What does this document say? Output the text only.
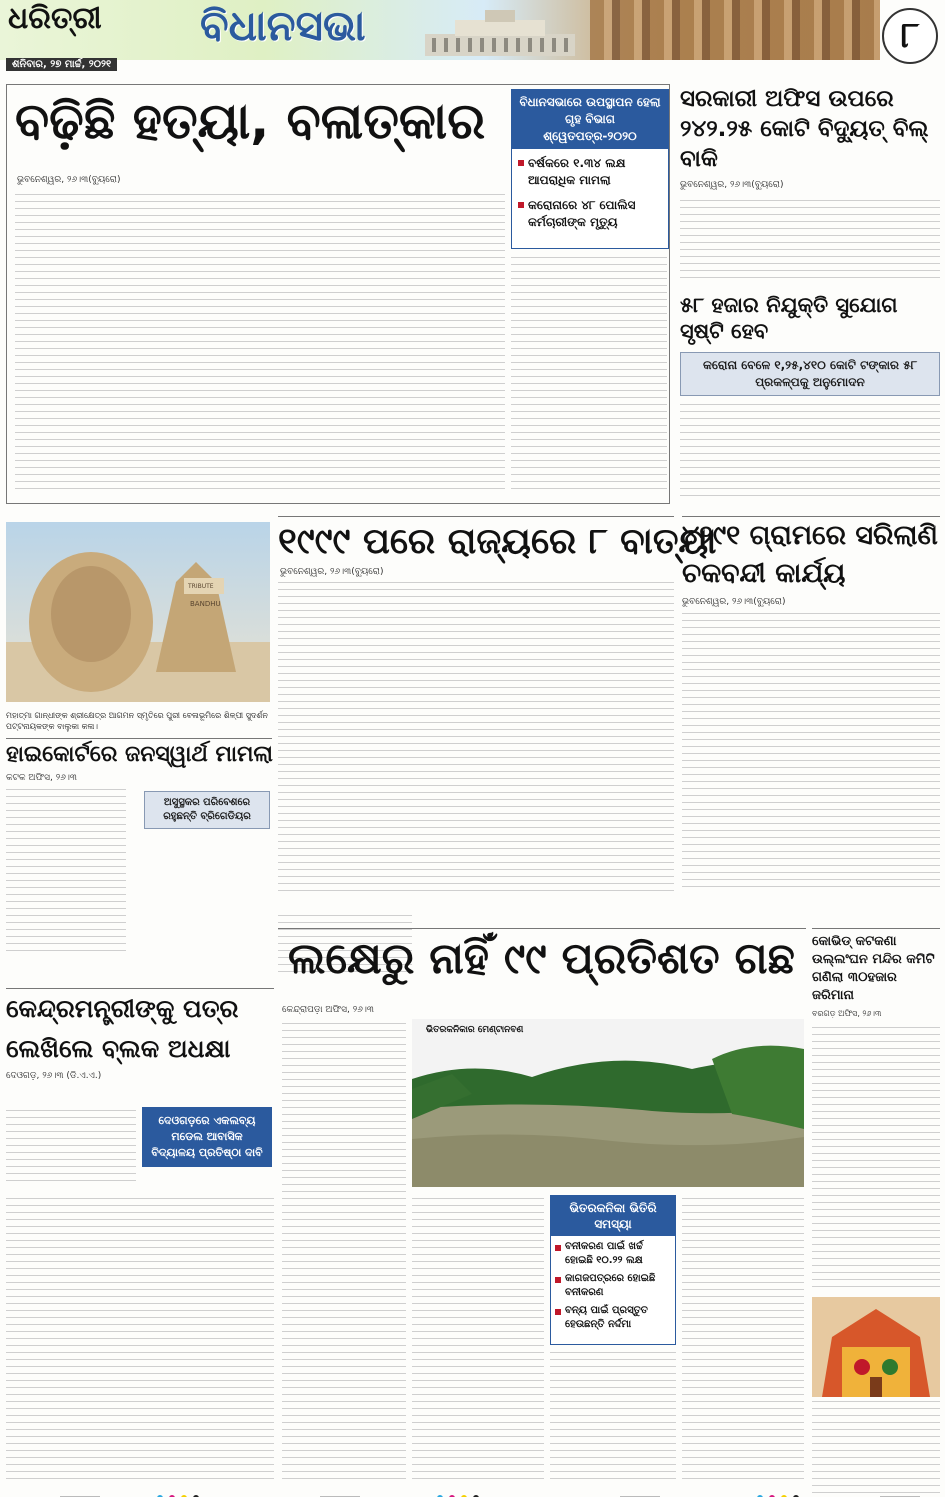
ଧରିତ୍ରୀ
ଶନିବାର, ୨୭ ମାର୍ଚ୍ଚ, ୨୦୨୧
ବିଧାନସଭା	୮
ବଢ଼ିଛି ହତ୍ୟା, ବଳାତ୍କାର
ଭୁବନେଶ୍ୱର, ୨୬।୩(ବ୍ୟୁରୋ)
ବିଧାନସଭାରେ ଉପସ୍ଥାପନ ହେଲା ଗୃହ ବିଭାଗ ଶ୍ୱେତପତ୍ର-୨୦୨୦
ବର୍ଷକରେ ୧.୩୪ ଲକ୍ଷ ଆପରାଧିକ ମାମଲା
କରୋନାରେ ୪୮ ପୋଲିସ କର୍ମଚାରୀଙ୍କ ମୃତ୍ୟୁ
ସରକାରୀ ଅଫିସ ଉପରେ ୨୪୨.୨୫ କୋଟି ବିଦ୍ୟୁତ୍ ବିଲ୍ ବାକି
ଭୁବନେଶ୍ୱର, ୨୬।୩(ବ୍ୟୁରୋ)
୫୮ ହଜାର ନିଯୁକ୍ତି ସୁଯୋଗ ସୃଷ୍ଟି ହେବ
କରୋନା ବେଳେ ୧,୨୫,୪୧୦ କୋଟି ଟଙ୍କାର ୫୮ ପ୍ରକଳ୍ପକୁ ଅନୁମୋଦନ
TRIBUTE
BANDHU
ମହାତ୍ମା ଗାନ୍ଧୀଙ୍କ ଶ୍ରୀକ୍ଷେତ୍ର ଆଗମନ ସ୍ମୃତିରେ ପୁରୀ ବେଳାଭୂମିରେ ଶିଳ୍ପୀ ସୁଦର୍ଶନ ପଟ୍ଟନାୟକଙ୍କ ବାଲୁକା କଳା।
୧୯୯୯ ପରେ ରାଜ୍ୟରେ ୮ ବାତ୍ୟା
ଭୁବନେଶ୍ୱର, ୨୬।୩(ବ୍ୟୁରୋ)
୪୨୯୧ ଗ୍ରାମରେ ସରିଲାଣି ଚକବନ୍ଦୀ କାର୍ଯ୍ୟ
ଭୁବନେଶ୍ୱର, ୨୬।୩(ବ୍ୟୁରୋ)
ହାଇକୋର୍ଟରେ ଜନସ୍ୱାର୍ଥ ମାମଲା
କଟକ ଅଫିସ, ୨୬।୩
ଅସୁସ୍ଥକର ପରିବେଶରେ ରହୁଛନ୍ତି ବ୍ରିଗେଡିୟର
କେନ୍ଦ୍ରମନ୍ତ୍ରୀଙ୍କୁ ପତ୍ର ଲେଖିଲେ ବ୍ଲକ ଅଧକ୍ଷା
ଦେଓଗଡ଼, ୨୬।୩ (ଡି.ଏ.ଏ.)
ଦେଓଗଡ଼ରେ ଏକଲବ୍ୟ ମଡେଲ ଆବାସିକ ବିଦ୍ୟାଳୟ ପ୍ରତିଷ୍ଠା ଦାବି
ଲକ୍ଷେରୁ ନାହିଁ ୯୯ ପ୍ରତିଶତ ଗଛ
କେନ୍ଦ୍ରାପଡ଼ା ଅଫିସ, ୨୬।୩
ଭିତରକନିକାର ମେଣ୍ଟାନବଣ
ଭିତରକନିକା ଭିତିରି ସମସ୍ୟା
ବନୀକରଣ ପାଇଁ ଖର୍ଚ୍ଚ ହୋଇଛି ୧୦.୨୨ ଲକ୍ଷ
କାଗଜପତ୍ରରେ ହୋଇଛି ବନୀକରଣ
ବନ୍ୟ ପାଇଁ ପ୍ରସ୍ତୁତ ହେଉଛନ୍ତି ନର୍ଦ୍ଦମା
କୋଭିଡ୍ କଟକଣା ଉଲ୍ଲଂଘନ ମନ୍ଦିର କମିଟି ଗଣିଲା ୩୦ହଜାର ଜରିମାନା
ବରଗଡ଼ ଅଫିସ, ୨୬।୩
